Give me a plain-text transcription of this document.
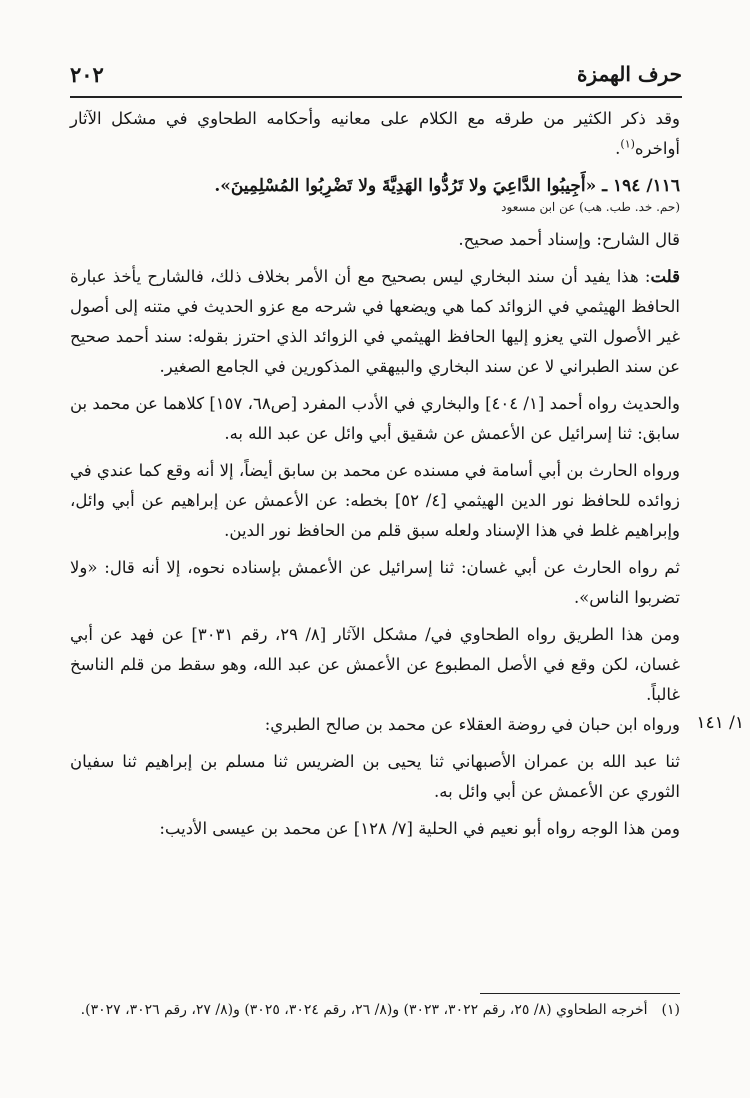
حرف الهمزة
٢٠٢

وقد ذكر الكثير من طرقه مع الكلام على معانيه وأحكامه الطحاوي في مشكل الآثار أواخره$^{(١)}$.

١١٦/ ١٩٤ ـ «أَجِيبُوا الدَّاعِيَ ولا تَرُدُّوا الهَدِيَّةَ ولا تَضْرِبُوا المُسْلِمِينَ».

(حم. خد. طب. هب) عن ابن مسعود

قال الشارح: وإسناد أحمد صحيح.

قلت: هذا يفيد أن سند البخاري ليس بصحيح مع أن الأمر بخلاف ذلك، فالشارح يأخذ عبارة الحافظ الهيثمي في الزوائد كما هي ويضعها في شرحه مع عزو الحديث في متنه إلى أصول غير الأصول التي يعزو إليها الحافظ الهيثمي في الزوائد الذي احترز بقوله: سند أحمد صحيح عن سند الطبراني لا عن سند البخاري والبيهقي المذكورين في الجامع الصغير.

والحديث رواه أحمد [١/ ٤٠٤] والبخاري في الأدب المفرد [ص٦٨، ١٥٧] كلاهما عن محمد بن سابق: ثنا إسرائيل عن الأعمش عن شقيق أبي وائل عن عبد الله به.

ورواه الحارث بن أبي أسامة في مسنده عن محمد بن سابق أيضاً، إلا أنه وقع كما عندي في زوائده للحافظ نور الدين الهيثمي [٤/ ٥٢] بخطه: عن الأعمش عن إبراهيم عن أبي وائل، وإبراهيم غلط في هذا الإسناد ولعله سبق قلم من الحافظ نور الدين.

ثم رواه الحارث عن أبي غسان: ثنا إسرائيل عن الأعمش بإسناده نحوه، إلا أنه قال: «ولا تضربوا الناس».

ومن هذا الطريق رواه الطحاوي في/ مشكل الآثار [٨/ ٢٩، رقم ٣٠٣١] عن فهد عن أبي غسان، لكن وقع في الأصل المطبوع عن الأعمش عن عبد الله، وهو سقط من قلم الناسخ غالباً.

ورواه ابن حبان في روضة العقلاء عن محمد بن صالح الطبري:

ثنا عبد الله بن عمران الأصبهاني ثنا يحيى بن الضريس ثنا مسلم بن إبراهيم ثنا سفيان الثوري عن الأعمش عن أبي وائل به.

ومن هذا الوجه رواه أبو نعيم في الحلية [٧/ ١٢٨] عن محمد بن عيسى الأديب:

١/ ١٤١
(١)أخرجه الطحاوي (٨/ ٢٥، رقم ٣٠٢٢، ٣٠٢٣) و(٨/ ٢٦، رقم ٣٠٢٤، ٣٠٢٥) و(٨/ ٢٧، رقم ٣٠٢٦، ٣٠٢٧).
